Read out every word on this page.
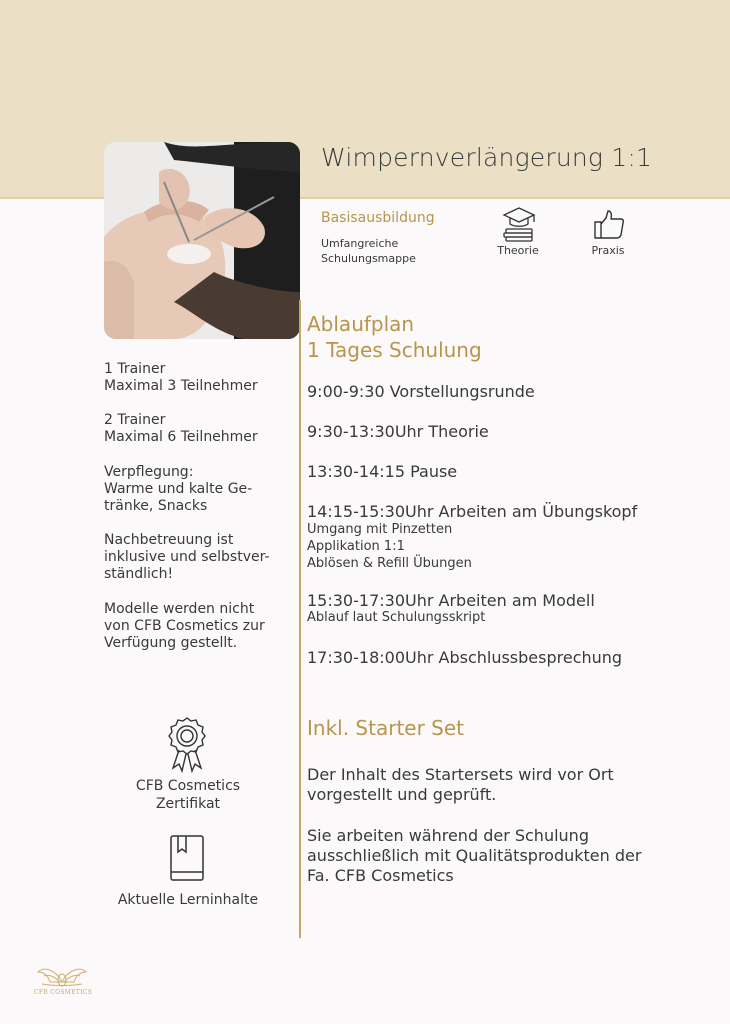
Wimpernverlängerung 1:1
Basisausbildung
Umfangreiche Schulungsmappe
Theorie	Praxis
Ablaufplan
1 Tages Schulung
9:00-9:30 Vorstellungsrunde
9:30-13:30Uhr Theorie
13:30-14:15 Pause
14:15-15:30Uhr Arbeiten am Übungskopf
Umgang mit Pinzetten
Applikation 1:1
Ablösen & Refill Übungen
15:30-17:30Uhr Arbeiten am Modell
Ablauf laut Schulungsskript
17:30-18:00Uhr Abschlussbesprechung
1 Trainer
Maximal 3 Teilnehmer
2 Trainer
Maximal 6 Teilnehmer
Verpflegung:
Warme und kalte Ge-
tränke, Snacks
Nachbetreuung ist
inklusive und selbstver-
ständlich!
Modelle werden nicht
von CFB Cosmetics zur
Verfügung gestellt.
CFB Cosmetics
Zertifikat
Aktuelle Lerninhalte
Inkl. Starter Set
Der Inhalt des Startersets wird vor Ort vorgestellt und geprüft.
Sie arbeiten während der Schulung ausschließlich mit Qualitätsprodukten der Fa. CFB Cosmetics
CFB COSMETICS
